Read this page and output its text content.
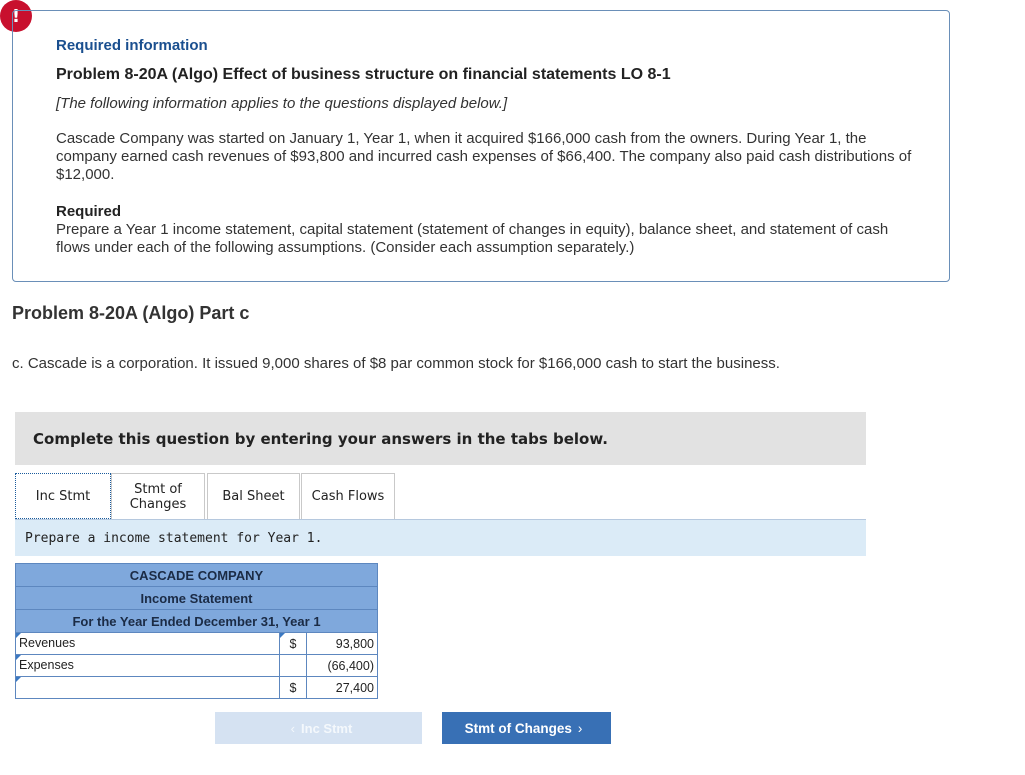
!
Required information
Problem 8-20A (Algo) Effect of business structure on financial statements LO 8-1
[The following information applies to the questions displayed below.]
Cascade Company was started on January 1, Year 1, when it acquired $166,000 cash from the owners. During Year 1, the company earned cash revenues of $93,800 and incurred cash expenses of $66,400. The company also paid cash distributions of $12,000.
Required
Prepare a Year 1 income statement, capital statement (statement of changes in equity), balance sheet, and statement of cash flows under each of the following assumptions. (Consider each assumption separately.)
Problem 8-20A (Algo) Part c
c. Cascade is a corporation. It issued 9,000 shares of $8 par common stock for $166,000 cash to start the business.
Complete this question by entering your answers in the tabs below.
Inc Stmt	Stmt of
Changes	Bal Sheet	Cash Flows
Prepare a income statement for Year 1.
CASCADE COMPANY		
Income Statement		
For the Year Ended December 31, Year 1		

Revenues	$	93,800

Expenses		(66,400)

	$	27,400
‹ Inc Stmt	Stmt of Changes ›
